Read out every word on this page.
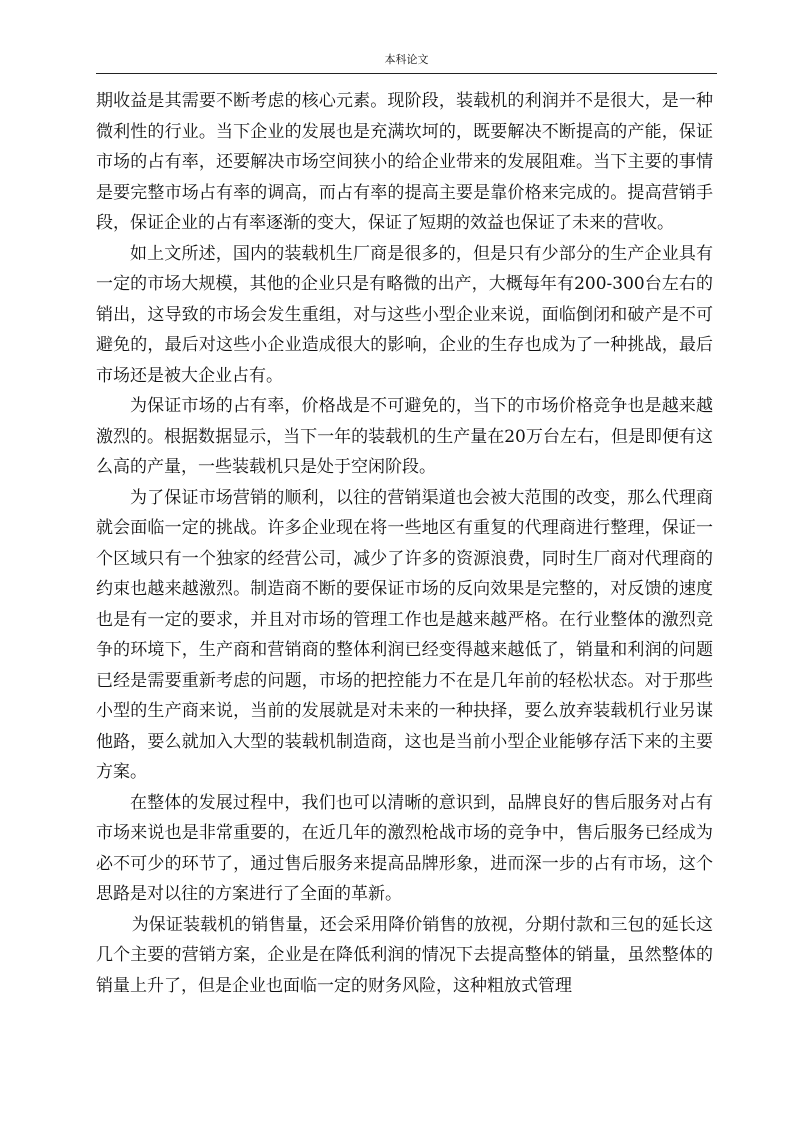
本科论文

期收益是其需要不断考虑的核心元素。现阶段，装载机的利润并不是很大，是一种微利性的行业。当下企业的发展也是充满坎坷的，既要解决不断提高的产能，保证市场的占有率，还要解决市场空间狭小的给企业带来的发展阻难。当下主要的事情是要完整市场占有率的调高，而占有率的提高主要是靠价格来完成的。提高营销手段，保证企业的占有率逐渐的变大，保证了短期的效益也保证了未来的营收。

如上文所述，国内的装载机生厂商是很多的，但是只有少部分的生产企业具有一定的市场大规模，其他的企业只是有略微的出产，大概每年有200-300台左右的销出，这导致的市场会发生重组，对与这些小型企业来说，面临倒闭和破产是不可避免的，最后对这些小企业造成很大的影响，企业的生存也成为了一种挑战，最后市场还是被大企业占有。

为保证市场的占有率，价格战是不可避免的，当下的市场价格竞争也是越来越激烈的。根据数据显示，当下一年的装载机的生产量在20万台左右，但是即便有这么高的产量，一些装载机只是处于空闲阶段。

为了保证市场营销的顺利，以往的营销渠道也会被大范围的改变，那么代理商就会面临一定的挑战。许多企业现在将一些地区有重复的代理商进行整理，保证一个区域只有一个独家的经营公司，减少了许多的资源浪费，同时生厂商对代理商的约束也越来越激烈。制造商不断的要保证市场的反向效果是完整的，对反馈的速度也是有一定的要求，并且对市场的管理工作也是越来越严格。在行业整体的激烈竞争的环境下，生产商和营销商的整体利润已经变得越来越低了，销量和利润的问题已经是需要重新考虑的问题，市场的把控能力不在是几年前的轻松状态。对于那些小型的生产商来说，当前的发展就是对未来的一种抉择，要么放弃装载机行业另谋他路，要么就加入大型的装载机制造商，这也是当前小型企业能够存活下来的主要方案。

在整体的发展过程中，我们也可以清晰的意识到，品牌良好的售后服务对占有市场来说也是非常重要的，在近几年的激烈枪战市场的竞争中，售后服务已经成为必不可少的环节了，通过售后服务来提高品牌形象，进而深一步的占有市场，这个思路是对以往的方案进行了全面的革新。

为保证装载机的销售量，还会采用降价销售的放视，分期付款和三包的延长这几个主要的营销方案，企业是在降低利润的情况下去提高整体的销量，虽然整体的销量上升了，但是企业也面临一定的财务风险，这种粗放式管理
